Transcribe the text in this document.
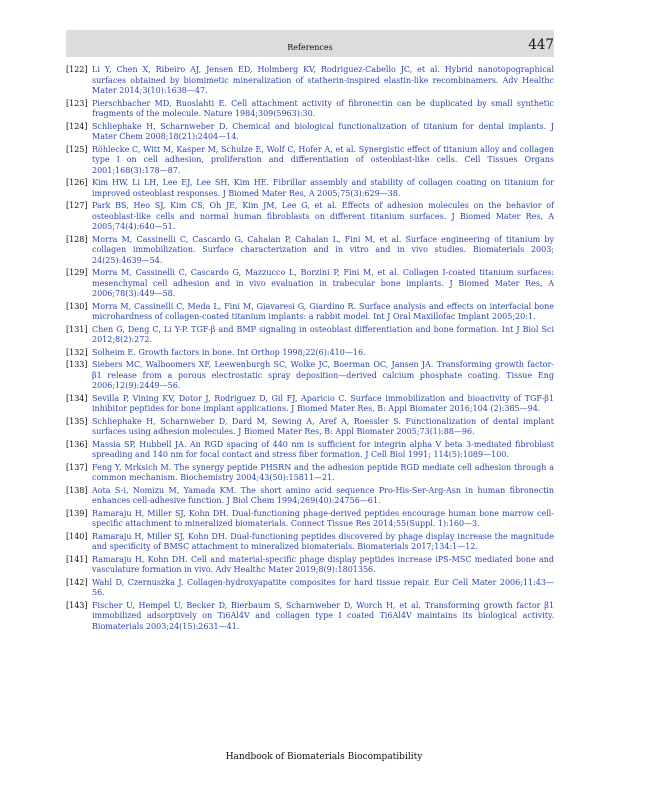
References	447
[122] Li Y, Chen X, Ribeiro AJ, Jensen ED, Holmberg KV, Rodriguez-Cabello JC, et al. Hybrid nanotopographical surfaces obtained by biomimetic mineralization of statherin-inspired elastin-like recombinamers. Adv Healthc Mater 2014;3(10):1638—47.
[123] Pierschbacher MD, Ruoslahti E. Cell attachment activity of fibronectin can be duplicated by small synthetic fragments of the molecule. Nature 1984;309(5963):30.
[124] Schliephake H, Scharnweber D. Chemical and biological functionalization of titanium for dental implants. J Mater Chem 2008;18(21):2404—14.
[125] Röhlecke C, Witt M, Kasper M, Schulze E, Wolf C, Hofer A, et al. Synergistic effect of titanium alloy and collagen type I on cell adhesion, proliferation and differentiation of osteoblast-like cells. Cell Tissues Organs 2001;168(3):178—87.
[126] Kim HW, Li LH, Lee EJ, Lee SH, Kim HE. Fibrillar assembly and stability of collagen coating on titanium for improved osteoblast responses. J Biomed Mater Res, A 2005;75(3):629—38.
[127] Park BS, Heo SJ, Kim CS, Oh JE, Kim JM, Lee G, et al. Effects of adhesion molecules on the behavior of osteoblast-like cells and normal human fibroblasts on different titanium surfaces. J Biomed Mater Res, A 2005;74(4):640—51.
[128] Morra M, Cassinelli C, Cascardo G, Cahalan P, Cahalan L, Fini M, et al. Surface engineering of titanium by collagen immobilization. Surface characterization and in vitro and in vivo studies. Biomaterials 2003; 24(25):4639—54.
[129] Morra M, Cassinelli C, Cascardo G, Mazzucco L, Borzini P, Fini M, et al. Collagen I-coated titanium surfaces: mesenchymal cell adhesion and in vivo evaluation in trabecular bone implants. J Biomed Mater Res, A 2006;78(3):449—58.
[130] Morra M, Cassinelli C, Meda L, Fini M, Giavaresi G, Giardino R. Surface analysis and effects on interfacial bone microhardness of collagen-coated titanium implants: a rabbit model. Int J Oral Maxillofac Implant 2005;20:1.
[131] Chen G, Deng C, Li Y-P. TGF-β and BMP signaling in osteoblast differentiation and bone formation. Int J Biol Sci 2012;8(2):272.
[132] Solheim E. Growth factors in bone. Int Orthop 1998;22(6):410—16.
[133] Siebers MC, Walboomers XF, Leewenburgh SC, Wolke JC, Boerman OC, Jansen JA. Transforming growth factor-β1 release from a porous electrostatic spray deposition—derived calcium phosphate coating. Tissue Eng 2006;12(9):2449—56.
[134] Sevilla P, Vining KV, Dotor J, Rodriguez D, Gil FJ, Aparicio C. Surface immobilization and bioactivity of TGF-β1 inhibitor peptides for bone implant applications. J Biomed Mater Res, B: Appl Biomater 2016;104 (2):385—94.
[135] Schliephake H, Scharnweber D, Dard M, Sewing A, Aref A, Roessler S. Functionalization of dental implant surfaces using adhesion molecules. J Biomed Mater Res, B: Appl Biomater 2005;73(1):88—96.
[136] Massia SP, Hubbell JA. An RGD spacing of 440 nm is sufficient for integrin alpha V beta 3-mediated fibroblast spreading and 140 nm for focal contact and stress fiber formation. J Cell Biol 1991; 114(5):1089—100.
[137] Feng Y, Mrksich M. The synergy peptide PHSRN and the adhesion peptide RGD mediate cell adhesion through a common mechanism. Biochemistry 2004;43(50):15811—21.
[138] Aota S-i, Nomizu M, Yamada KM. The short amino acid sequence Pro-His-Ser-Arg-Asn in human fibronectin enhances cell-adhesive function. J Biol Chem 1994;269(40):24756—61.
[139] Ramaraju H, Miller SJ, Kohn DH. Dual-functioning phage-derived peptides encourage human bone marrow cell-specific attachment to mineralized biomaterials. Connect Tissue Res 2014;55(Suppl. 1):160—3.
[140] Ramaraju H, Miller SJ, Kohn DH. Dual-functioning peptides discovered by phage display increase the magnitude and specificity of BMSC attachment to mineralized biomaterials. Biomaterials 2017;134:1—12.
[141] Ramaraju H, Kohn DH. Cell and material-specific phage display peptides increase iPS-MSC mediated bone and vasculature formation in vivo. Adv Healthc Mater 2019;8(9):1801356.
[142] Wahl D, Czernuszka J. Collagen-hydroxyapatite composites for hard tissue repair. Eur Cell Mater 2006;11:43—56.
[143] Fischer U, Hempel U, Becker D, Bierbaum S, Scharnweber D, Worch H, et al. Transforming growth factor β1 immobilized adsorptively on Ti6Al4V and collagen type I coated Ti6Al4V maintains its biological activity. Biomaterials 2003;24(15):2631—41.
Handbook of Biomaterials Biocompatibility
